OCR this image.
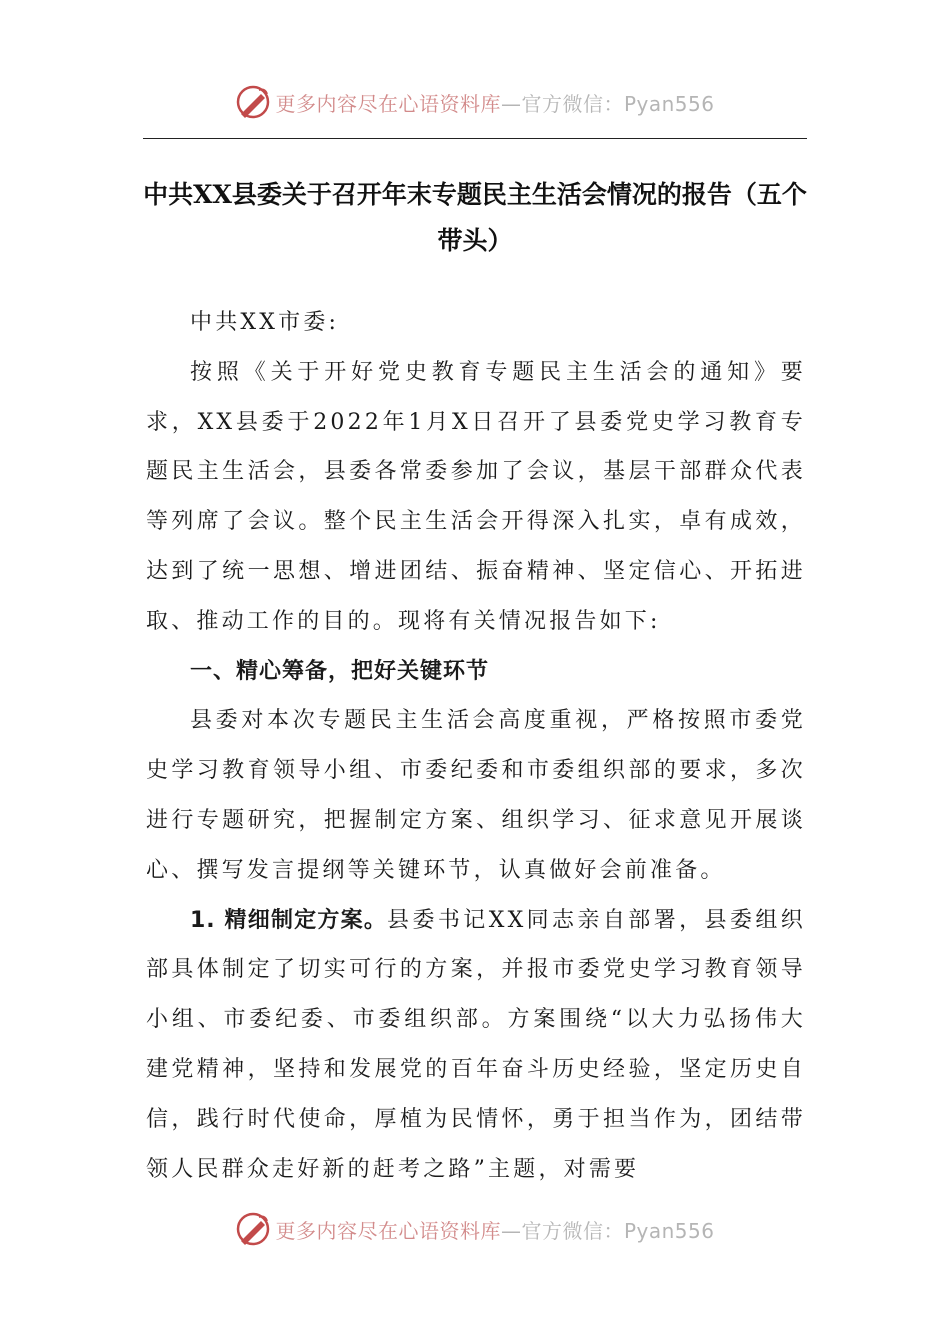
更多内容尽在心语资料库—官方微信：Pyan556
中共XX县委关于召开年末专题民主生活会情况的报告（五个带头）

中共XX市委:

按照《关于开好党史教育专题民主生活会的通知》要求，XX县委于2022年1月X日召开了县委党史学习教育专题民主生活会，县委各常委参加了会议，基层干部群众代表等列席了会议。整个民主生活会开得深入扎实，卓有成效，达到了统一思想、增进团结、振奋精神、坚定信心、开拓进取、推动工作的目的。现将有关情况报告如下:

一、精心筹备，把好关键环节

县委对本次专题民主生活会高度重视，严格按照市委党史学习教育领导小组、市委纪委和市委组织部的要求，多次进行专题研究，把握制定方案、组织学习、征求意见开展谈心、撰写发言提纲等关键环节，认真做好会前准备。

1. 精细制定方案。县委书记XX同志亲自部署，县委组织部具体制定了切实可行的方案，并报市委党史学习教育领导小组、市委纪委、市委组织部。方案围绕“以大力弘扬伟大建党精神，坚持和发展党的百年奋斗历史经验，坚定历史自信，践行时代使命，厚植为民情怀，勇于担当作为，团结带领人民群众走好新的赶考之路”主题，对需要

更多内容尽在心语资料库—官方微信：Pyan556
